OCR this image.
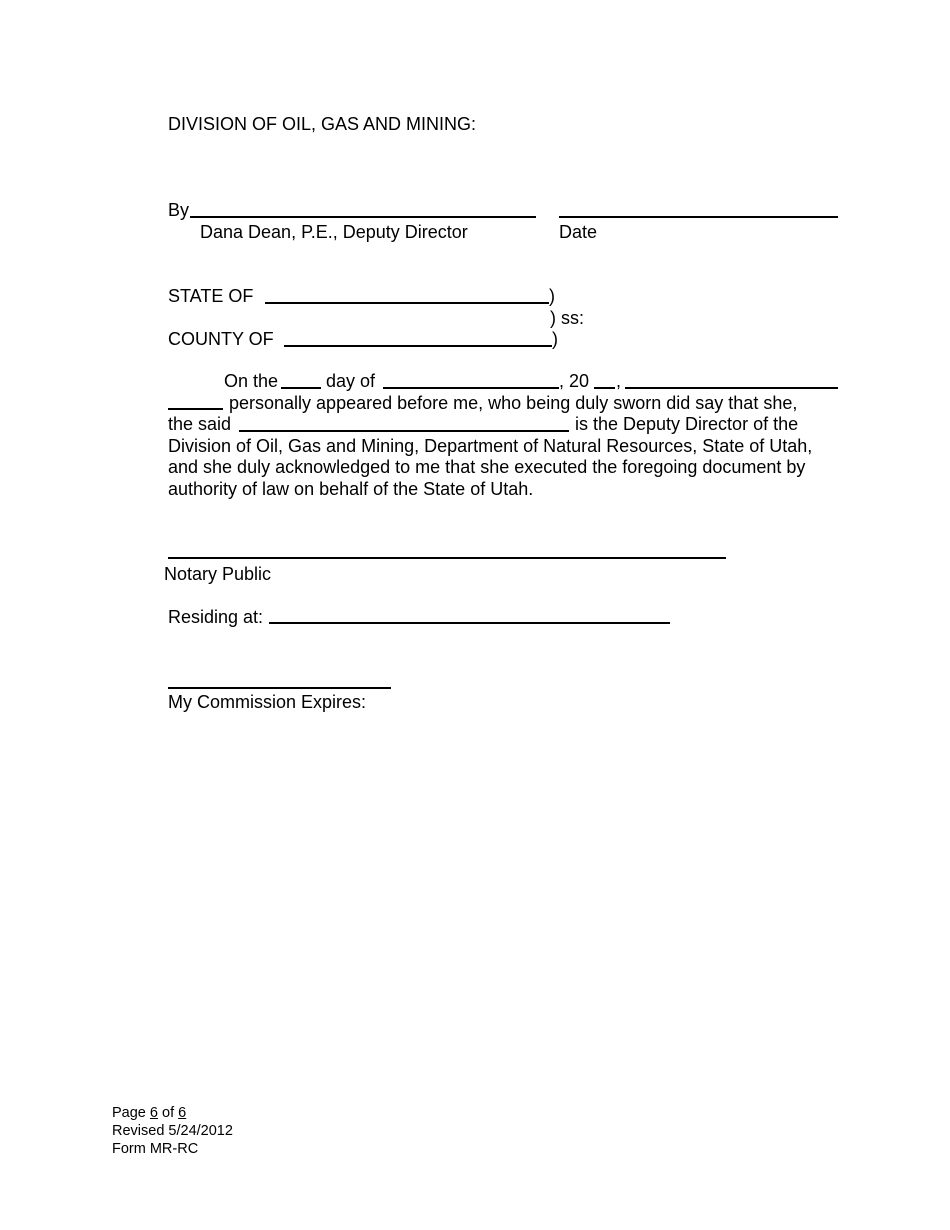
DIVISION OF OIL, GAS AND MINING:
By
Dana Dean, P.E., Deputy Director	Date
STATE OF	)
) ss:
COUNTY OF	)
On the	day of	, 20 ,
personally appeared before me, who being duly sworn did say that she,
the said	is the Deputy Director of the
Division of Oil, Gas and Mining, Department of Natural Resources, State of Utah,
and she duly acknowledged to me that she executed the foregoing document by
authority of law on behalf of the State of Utah.
Notary Public
Residing at:
My Commission Expires:
Page 6 of 6
Revised 5/24/2012
Form MR-RC
